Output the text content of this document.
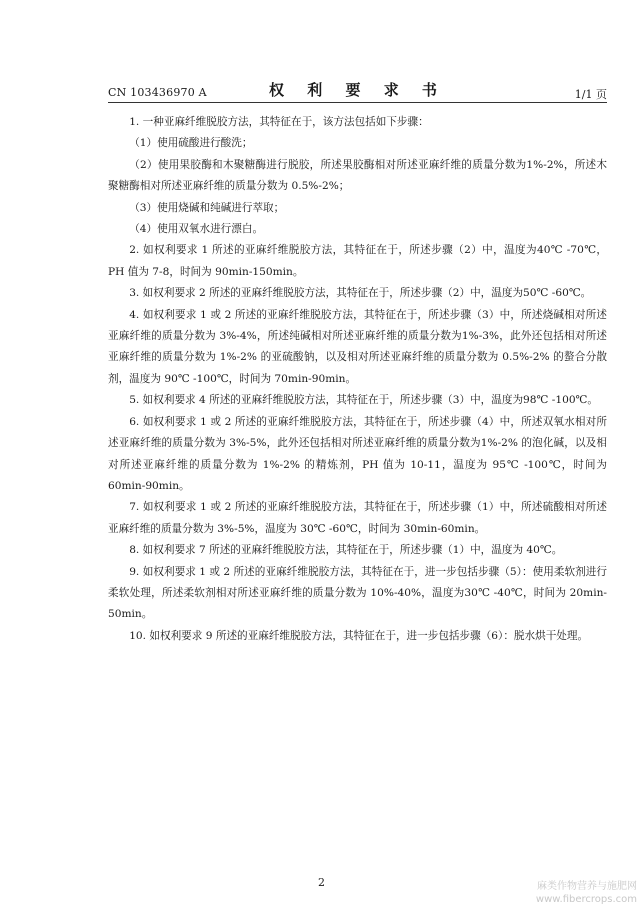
CN 103436970 A	权 利 要 求 书	1/1 页

1. 一种亚麻纤维脱胶方法，其特征在于，该方法包括如下步骤：

（1）使用硫酸进行酸洗；

（2）使用果胶酶和木聚糖酶进行脱胶，所述果胶酶相对所述亚麻纤维的质量分数为1%-2%，所述木聚糖酶相对所述亚麻纤维的质量分数为 0.5%-2%；

（3）使用烧碱和纯碱进行萃取；

（4）使用双氧水进行漂白。

2. 如权利要求 1 所述的亚麻纤维脱胶方法，其特征在于，所述步骤（2）中，温度为40℃ -70℃，PH 值为 7-8，时间为 90min-150min。

3. 如权利要求 2 所述的亚麻纤维脱胶方法，其特征在于，所述步骤（2）中，温度为50℃ -60℃。

4. 如权利要求 1 或 2 所述的亚麻纤维脱胶方法，其特征在于，所述步骤（3）中，所述烧碱相对所述亚麻纤维的质量分数为 3%-4%，所述纯碱相对所述亚麻纤维的质量分数为1%-3%，此外还包括相对所述亚麻纤维的质量分数为 1%-2% 的亚硫酸钠，以及相对所述亚麻纤维的质量分数为 0.5%-2% 的螯合分散剂，温度为 90℃ -100℃，时间为 70min-90min。

5. 如权利要求 4 所述的亚麻纤维脱胶方法，其特征在于，所述步骤（3）中，温度为98℃ -100℃。

6. 如权利要求 1 或 2 所述的亚麻纤维脱胶方法，其特征在于，所述步骤（4）中，所述双氧水相对所述亚麻纤维的质量分数为 3%-5%，此外还包括相对所述亚麻纤维的质量分数为1%-2% 的泡化碱，以及相对所述亚麻纤维的质量分数为 1%-2% 的精炼剂，PH 值为 10-11，温度为 95℃ -100℃，时间为 60min-90min。

7. 如权利要求 1 或 2 所述的亚麻纤维脱胶方法，其特征在于，所述步骤（1）中，所述硫酸相对所述亚麻纤维的质量分数为 3%-5%，温度为 30℃ -60℃，时间为 30min-60min。

8. 如权利要求 7 所述的亚麻纤维脱胶方法，其特征在于，所述步骤（1）中，温度为 40℃。

9. 如权利要求 1 或 2 所述的亚麻纤维脱胶方法，其特征在于，进一步包括步骤（5）：使用柔软剂进行柔软处理，所述柔软剂相对所述亚麻纤维的质量分数为 10%-40%，温度为30℃ -40℃，时间为 20min-50min。

10. 如权利要求 9 所述的亚麻纤维脱胶方法，其特征在于，进一步包括步骤（6）：脱水烘干处理。

2	麻类作物营养与施肥网
www.fibercrops.com
